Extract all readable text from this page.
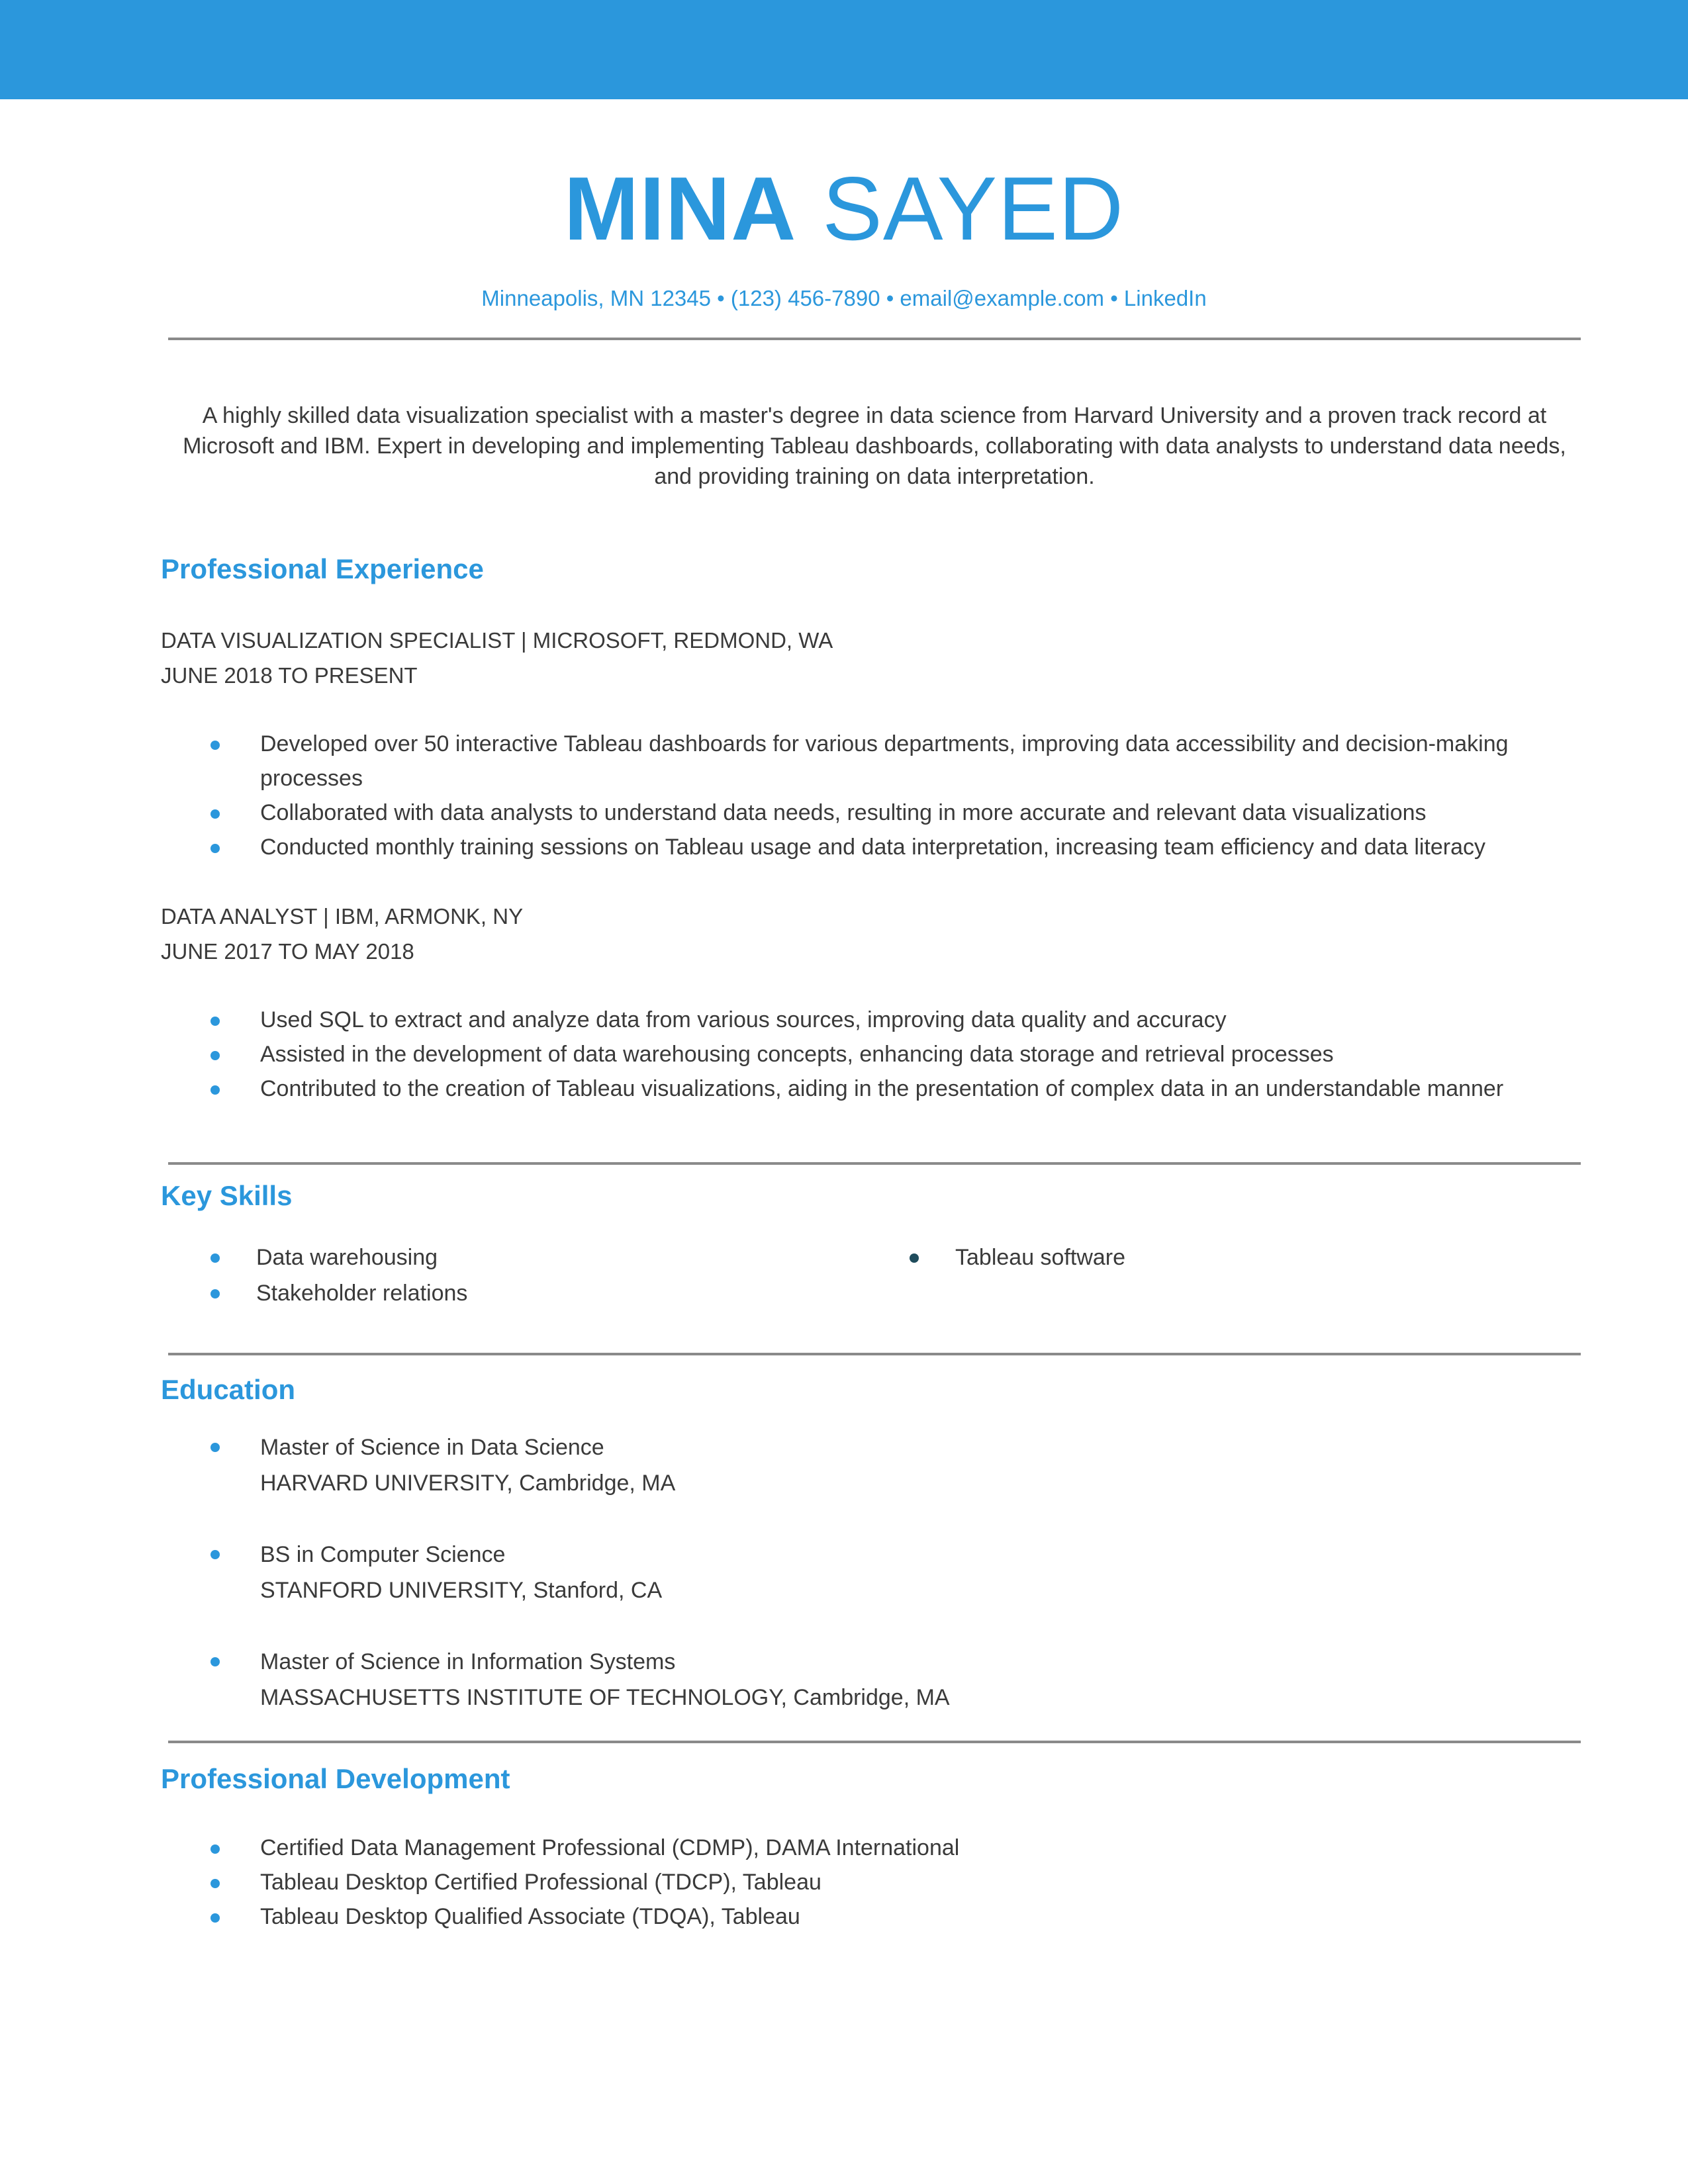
MINA SAYED
Minneapolis, MN 12345 • (123) 456-7890 • email@example.com • LinkedIn
A highly skilled data visualization specialist with a master's degree in data science from Harvard University and a proven track record at Microsoft and IBM. Expert in developing and implementing Tableau dashboards, collaborating with data analysts to understand data needs, and providing training on data interpretation.
Professional Experience
DATA VISUALIZATION SPECIALIST | MICROSOFT, REDMOND, WA
JUNE 2018 TO PRESENT
Developed over 50 interactive Tableau dashboards for various departments, improving data accessibility and decision-making processes
Collaborated with data analysts to understand data needs, resulting in more accurate and relevant data visualizations
Conducted monthly training sessions on Tableau usage and data interpretation, increasing team efficiency and data literacy
DATA ANALYST | IBM, ARMONK, NY
JUNE 2017 TO MAY 2018
Used SQL to extract and analyze data from various sources, improving data quality and accuracy
Assisted in the development of data warehousing concepts, enhancing data storage and retrieval processes
Contributed to the creation of Tableau visualizations, aiding in the presentation of complex data in an understandable manner
Key Skills
Data warehousing
Stakeholder relations
Tableau software
Education
Master of Science in Data Science
HARVARD UNIVERSITY, Cambridge, MA
BS in Computer Science
STANFORD UNIVERSITY, Stanford, CA
Master of Science in Information Systems
MASSACHUSETTS INSTITUTE OF TECHNOLOGY, Cambridge, MA
Professional Development
Certified Data Management Professional (CDMP), DAMA International
Tableau Desktop Certified Professional (TDCP), Tableau
Tableau Desktop Qualified Associate (TDQA), Tableau
